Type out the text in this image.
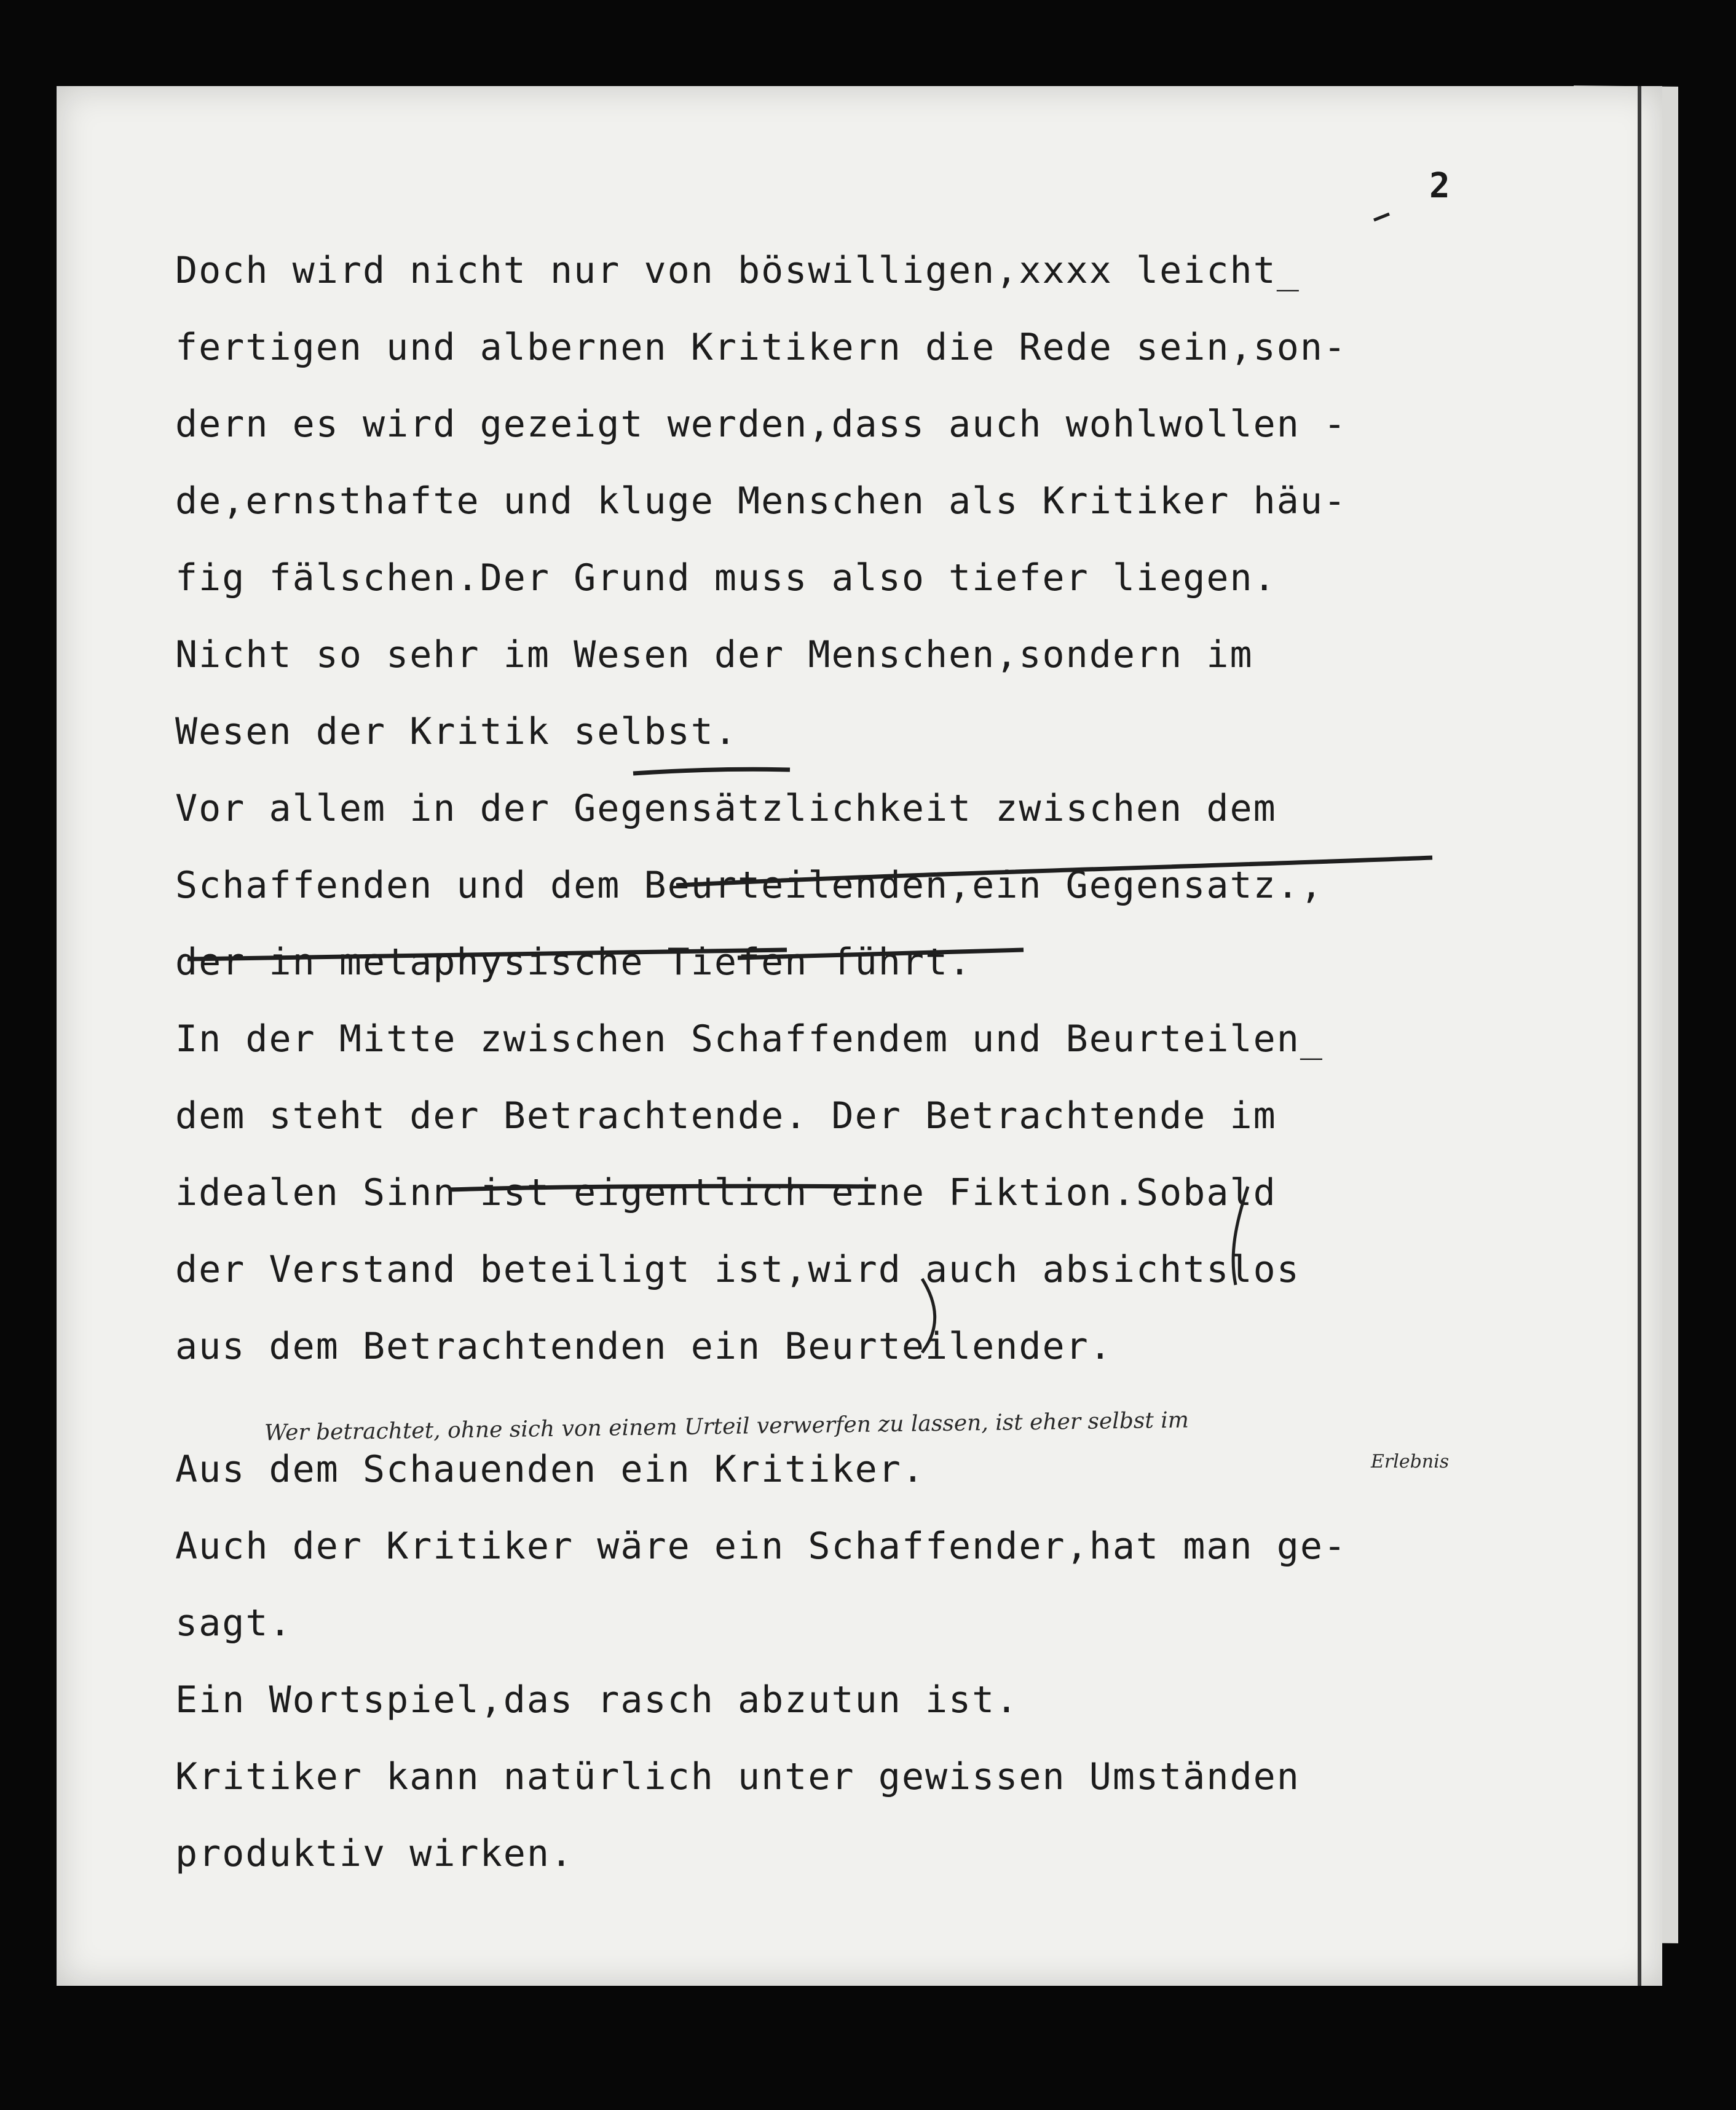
2
Doch wird nicht nur von böswilligen,xxxx leicht_
fertigen und albernen Kritikern die Rede sein,son-
dern es wird gezeigt werden,dass auch wohlwollen -
de,ernsthafte und kluge Menschen als Kritiker häu-
fig fälschen.Der Grund muss also tiefer liegen.
Nicht so sehr im Wesen der Menschen,sondern im
Wesen der Kritik selbst.
Vor allem in der Gegensätzlichkeit zwischen dem
Schaffenden und dem Beurteilenden,ein Gegensatz.,
der in metaphysische Tiefen führt.
In der Mitte zwischen Schaffendem und Beurteilen_
dem steht der Betrachtende. Der Betrachtende im
idealen Sinn ist eigentlich eine Fiktion.Sobald
der Verstand beteiligt ist,wird auch absichtslos
aus dem Betrachtenden ein Beurteilender.
Aus dem Schauenden ein Kritiker.
Auch der Kritiker wäre ein Schaffender,hat man ge-
sagt.
Ein Wortspiel,das rasch abzutun ist.
Kritiker kann natürlich unter gewissen Umständen
produktiv wirken.
Wer betrachtet, ohne sich von einem Urteil verwerfen zu lassen, ist eher selbst im
Erlebnis
